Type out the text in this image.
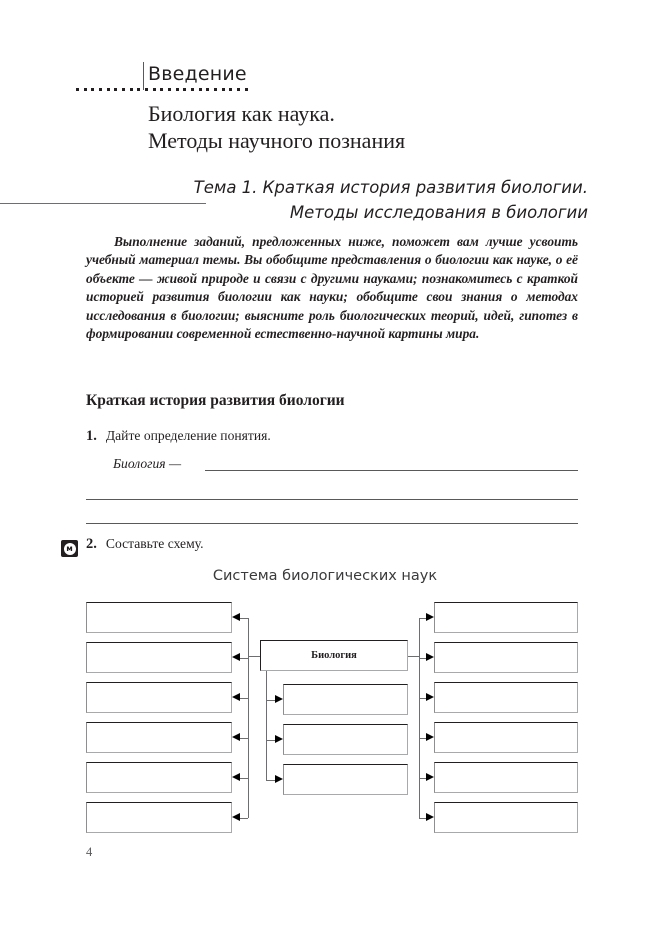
Введение
Биология как наука.
Методы научного познания
Тема 1. Краткая история развития биологии.
Методы исследования в биологии
Выполнение заданий, предложенных ниже, поможет вам лучше усвоить учебный материал темы. Вы обобщите представления о биологии как науке, о её объекте — живой природе и связи с другими науками; познакомитесь с краткой историей развития биологии как науки; обобщите свои знания о методах исследования в биологии; выясните роль биологических теорий, идей, гипотез в формировании современной естественно-научной картины мира.
Краткая история развития биологии
1. Дайте определение понятия.
Биология —
м 2. Составьте схему.
Система биологических наук
Биология
4
